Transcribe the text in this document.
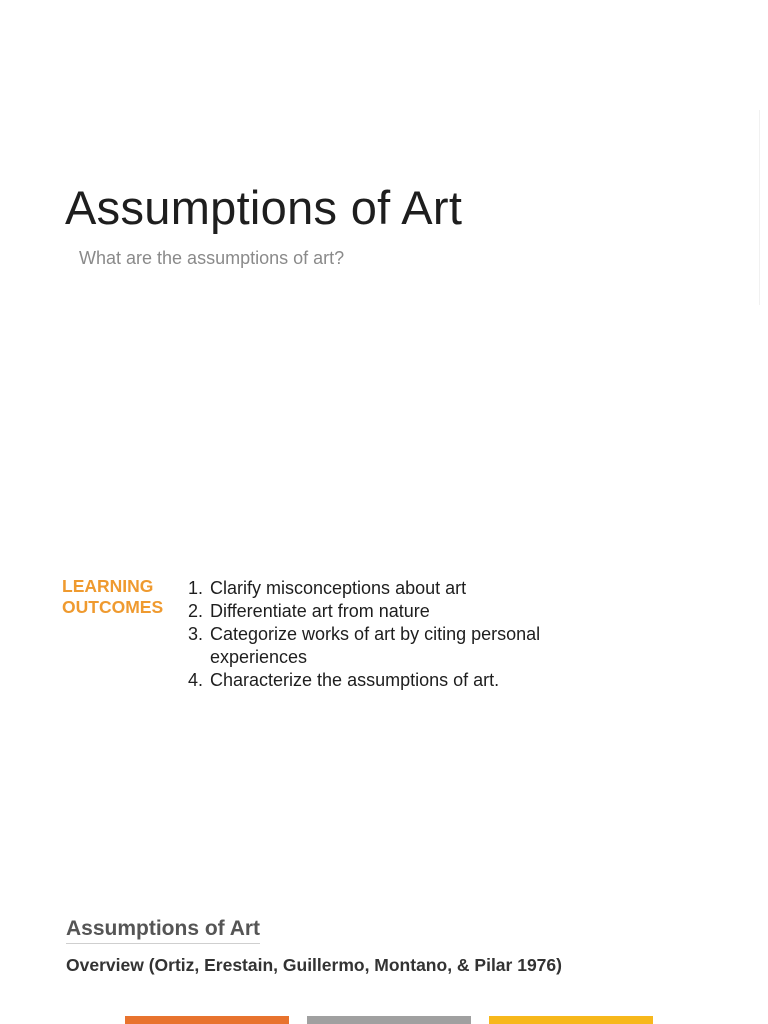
Assumptions of Art

What are the assumptions of art?

LEARNING
OUTCOMES
1. Clarify misconceptions about art
2. Differentiate art from nature
3. Categorize works of art by citing personal experiences
4. Characterize the assumptions of art.
Assumptions of Art

Overview (Ortiz, Erestain, Guillermo, Montano, & Pilar 1976)
